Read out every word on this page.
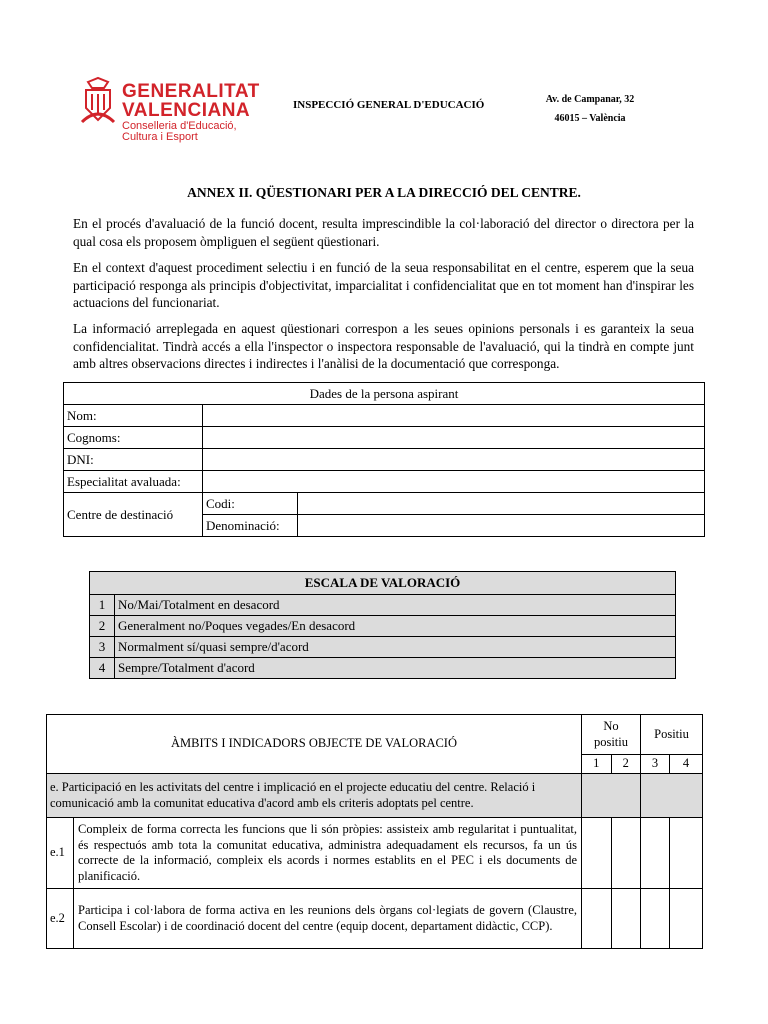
GENERALITAT
VALENCIANA
Conselleria d'Educació,
Cultura i Esport
INSPECCIÓ GENERAL D'EDUCACIÓ	Av. de Campanar, 32
46015 – València
ANNEX II. QÜESTIONARI PER A LA DIRECCIÓ DEL CENTRE.
En el procés d'avaluació de la funció docent, resulta imprescindible la col·laboració del director o directora per la qual cosa els proposem òmpliguen el següent qüestionari.
En el context d'aquest procediment selectiu i en funció de la seua responsabilitat en el centre, esperem que la seua participació responga als principis d'objectivitat, imparcialitat i confidencialitat que en tot moment han d'inspirar les actuacions del funcionariat.
La informació arreplegada en aquest qüestionari correspon a les seues opinions personals i es garanteix la seua confidencialitat. Tindrà accés a ella l'inspector o inspectora responsable de l'avaluació, qui la tindrà en compte junt amb altres observacions directes i indirectes i l'anàlisi de la documentació que corresponga.
Dades de la persona aspirant		
Nom:		
Cognoms:		
DNI:		
Especialitat avaluada:		
Centre de destinació	Codi:	
	Denominació:	
ESCALA DE VALORACIÓ	
1	No/Mai/Totalment en desacord
2	Generalment no/Poques vegades/En desacord
3	Normalment sí/quasi sempre/d'acord
4	Sempre/Totalment d'acord
ÀMBITS I INDICADORS OBJECTE DE VALORACIÓ		No positiu		Positiu	
		1	2	3	4
e. Participació en les activitats del centre i implicació en el projecte educatiu del centre. Relació i comunicació amb la comunitat educativa d'acord amb els criteris adoptats pel centre.					
e.1	Compleix de forma correcta les funcions que li són pròpies: assisteix amb regularitat i puntualitat, és respectuós amb tota la comunitat educativa, administra adequadament els recursos, fa un ús correcte de la informació, compleix els acords i normes establits en el PEC i els documents de planificació.				
e.2	Participa i col·labora de forma activa en les reunions dels òrgans col·legiats de govern (Claustre, Consell Escolar) i de coordinació docent del centre (equip docent, departament didàctic, CCP).				
